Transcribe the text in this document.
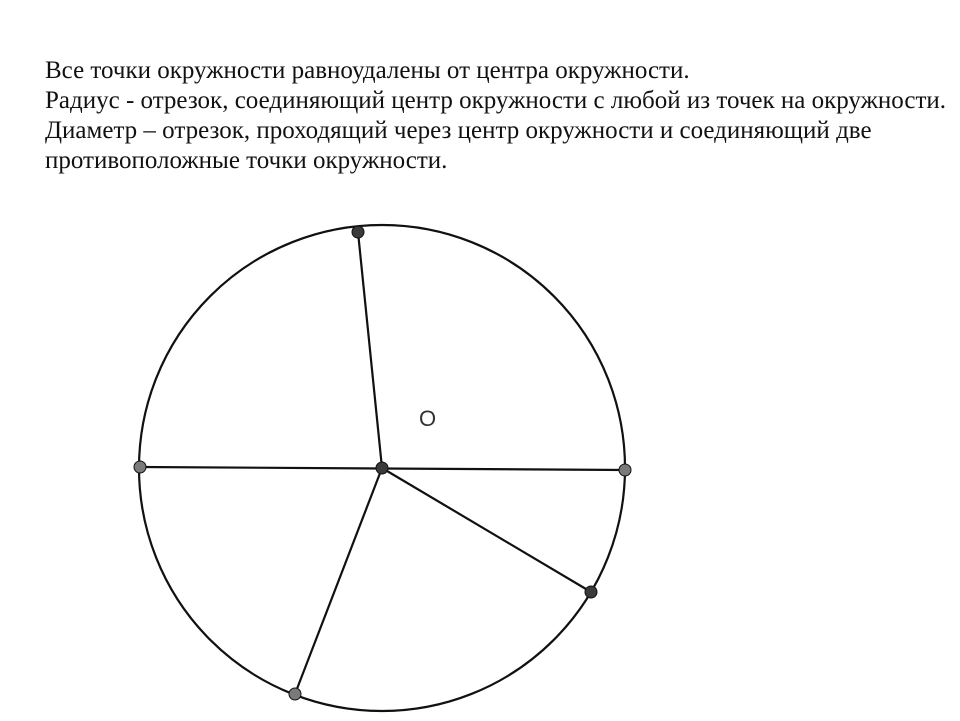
Все точки окружности равноудалены от центра окружности.

Радиус - отрезок, соединяющий центр окружности с любой из точек на окружности.

Диаметр – отрезок, проходящий через центр окружности и соединяющий две противоположные точки окружности.

O
